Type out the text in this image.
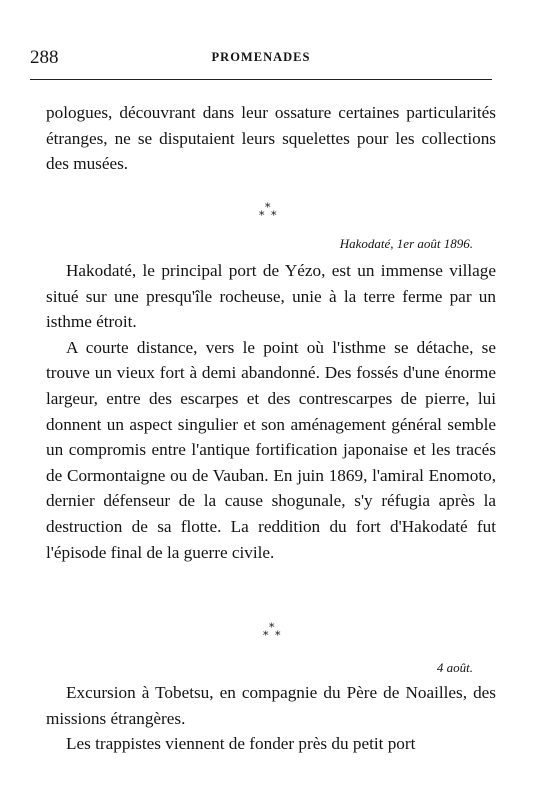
288	PROMENADES

pologues, découvrant dans leur ossature certaines particularités étranges, ne se disputaient leurs squelettes pour les collections des musées.

*
* *
Hakodaté, 1er août 1896.

Hakodaté, le principal port de Yézo, est un immense village situé sur une presqu'île rocheuse, unie à la terre ferme par un isthme étroit.

A courte distance, vers le point où l'isthme se détache, se trouve un vieux fort à demi abandonné. Des fossés d'une énorme largeur, entre des escarpes et des contrescarpes de pierre, lui donnent un aspect singulier et son aménagement général semble un compromis entre l'antique fortification japonaise et les tracés de Cormontaigne ou de Vauban. En juin 1869, l'amiral Enomoto, dernier défenseur de la cause shogunale, s'y réfugia après la destruction de sa flotte. La reddition du fort d'Hakodaté fut l'épisode final de la guerre civile.

*
* *
4 août.

Excursion à Tobetsu, en compagnie du Père de Noailles, des missions étrangères.

Les trappistes viennent de fonder près du petit port
